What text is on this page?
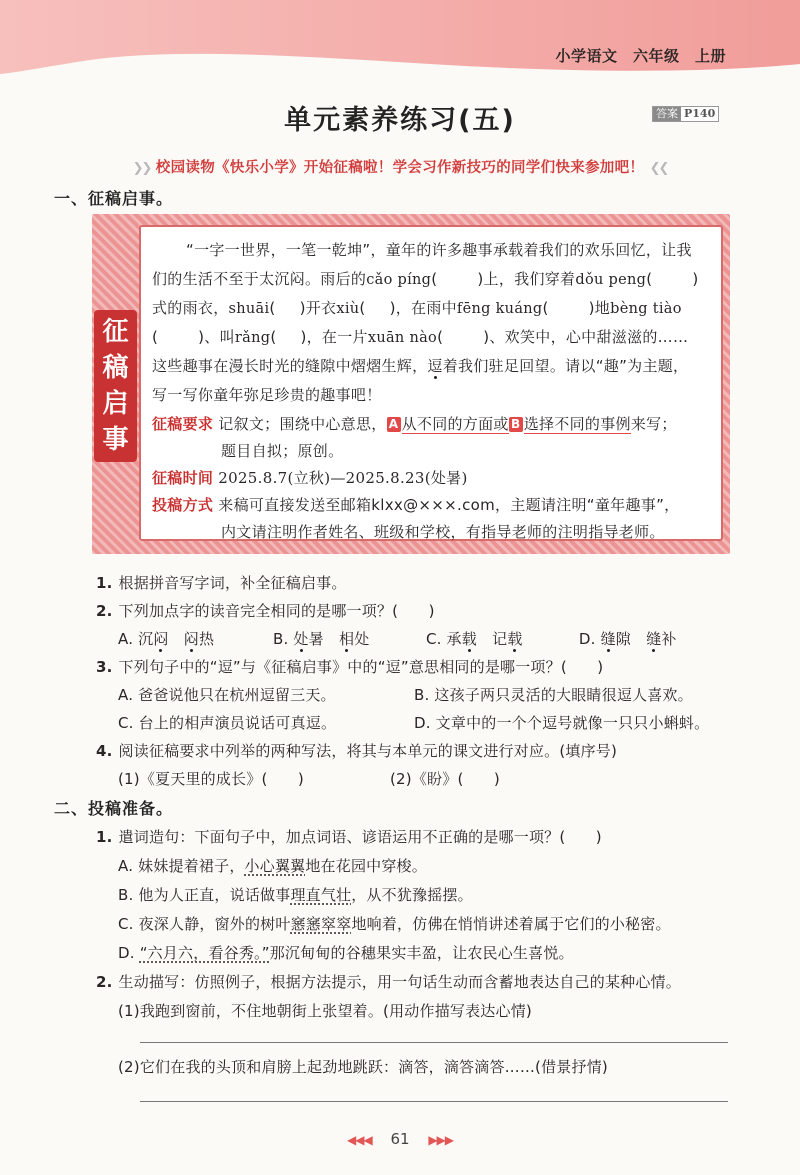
小学语文　六年级　上册
单元素养练习(五)	答案 P140
❯❯ 校园读物《快乐小学》开始征稿啦！学会习作新技巧的同学们快来参加吧！ ❮❮
一、征稿启事。
征
稿
启
事
“一字一世界，一笔一乾坤”，童年的许多趣事承载着我们的欢乐回忆，让我
们的生活不至于太沉闷。雨后的cǎo píng(	)上，我们穿着dǒu peng(	)
式的雨衣，shuāi( )开衣xiù( )，在雨中fēng kuáng(	)地bèng tiào
(	)、叫rǎng( )，在一片xuān nào(	)、欢笑中，心中甜滋滋的……
这些趣事在漫长时光的缝隙中熠熠生辉，逗着我们驻足回望。请以“趣”为主题，
写一写你童年弥足珍贵的趣事吧！
征稿要求 记叙文；围绕中心意思， A 从不同的方面或 B 选择不同的事例来写；
题目自拟；原创。
征稿时间 2025.8.7(立秋)—2025.8.23(处暑)
投稿方式 来稿可直接发送至邮箱klxx@×××.com，主题请注明“童年趣事”，
内文请注明作者姓名、班级和学校，有指导老师的注明指导老师。
1. 根据拼音写字词，补全征稿启事。
2. 下列加点字的读音完全相同的是哪一项？(　　)
A. 沉闷　 闷热	B. 处暑　相处	C. 承载　记载	D. 缝隙　缝补
3. 下列句子中的“逗”与《征稿启事》中的“逗”意思相同的是哪一项？(　　)
A. 爸爸说他只在杭州逗留三天。	B. 这孩子两只灵活的大眼睛很逗人喜欢。
C. 台上的相声演员说话可真逗。	D. 文章中的一个个逗号就像一只只小蝌蚪。
4. 阅读征稿要求中列举的两种写法，将其与本单元的课文进行对应。(填序号)
(1)《夏天里的成长》(　　)	(2)《盼》(　　)
二、投稿准备。
1. 遣词造句：下面句子中，加点词语、谚语运用不正确的是哪一项？(　　)
A. 妹妹提着裙子，小心翼翼地在花园中穿梭。
B. 他为人正直，说话做事理直气壮，从不犹豫摇摆。
C. 夜深人静，窗外的树叶窸窸窣窣地响着，仿佛在悄悄讲述着属于它们的小秘密。
D. “六月六，看谷秀。”那沉甸甸的谷穗果实丰盈，让农民心生喜悦。
2. 生动描写：仿照例子，根据方法提示，用一句话生动而含蓄地表达自己的某种心情。
(1)我跑到窗前，不住地朝街上张望着。(用动作描写表达心情)
(2)它们在我的头顶和肩膀上起劲地跳跃：滴答，滴答滴答……(借景抒情)
◀◀◀ 61 ▶▶▶
